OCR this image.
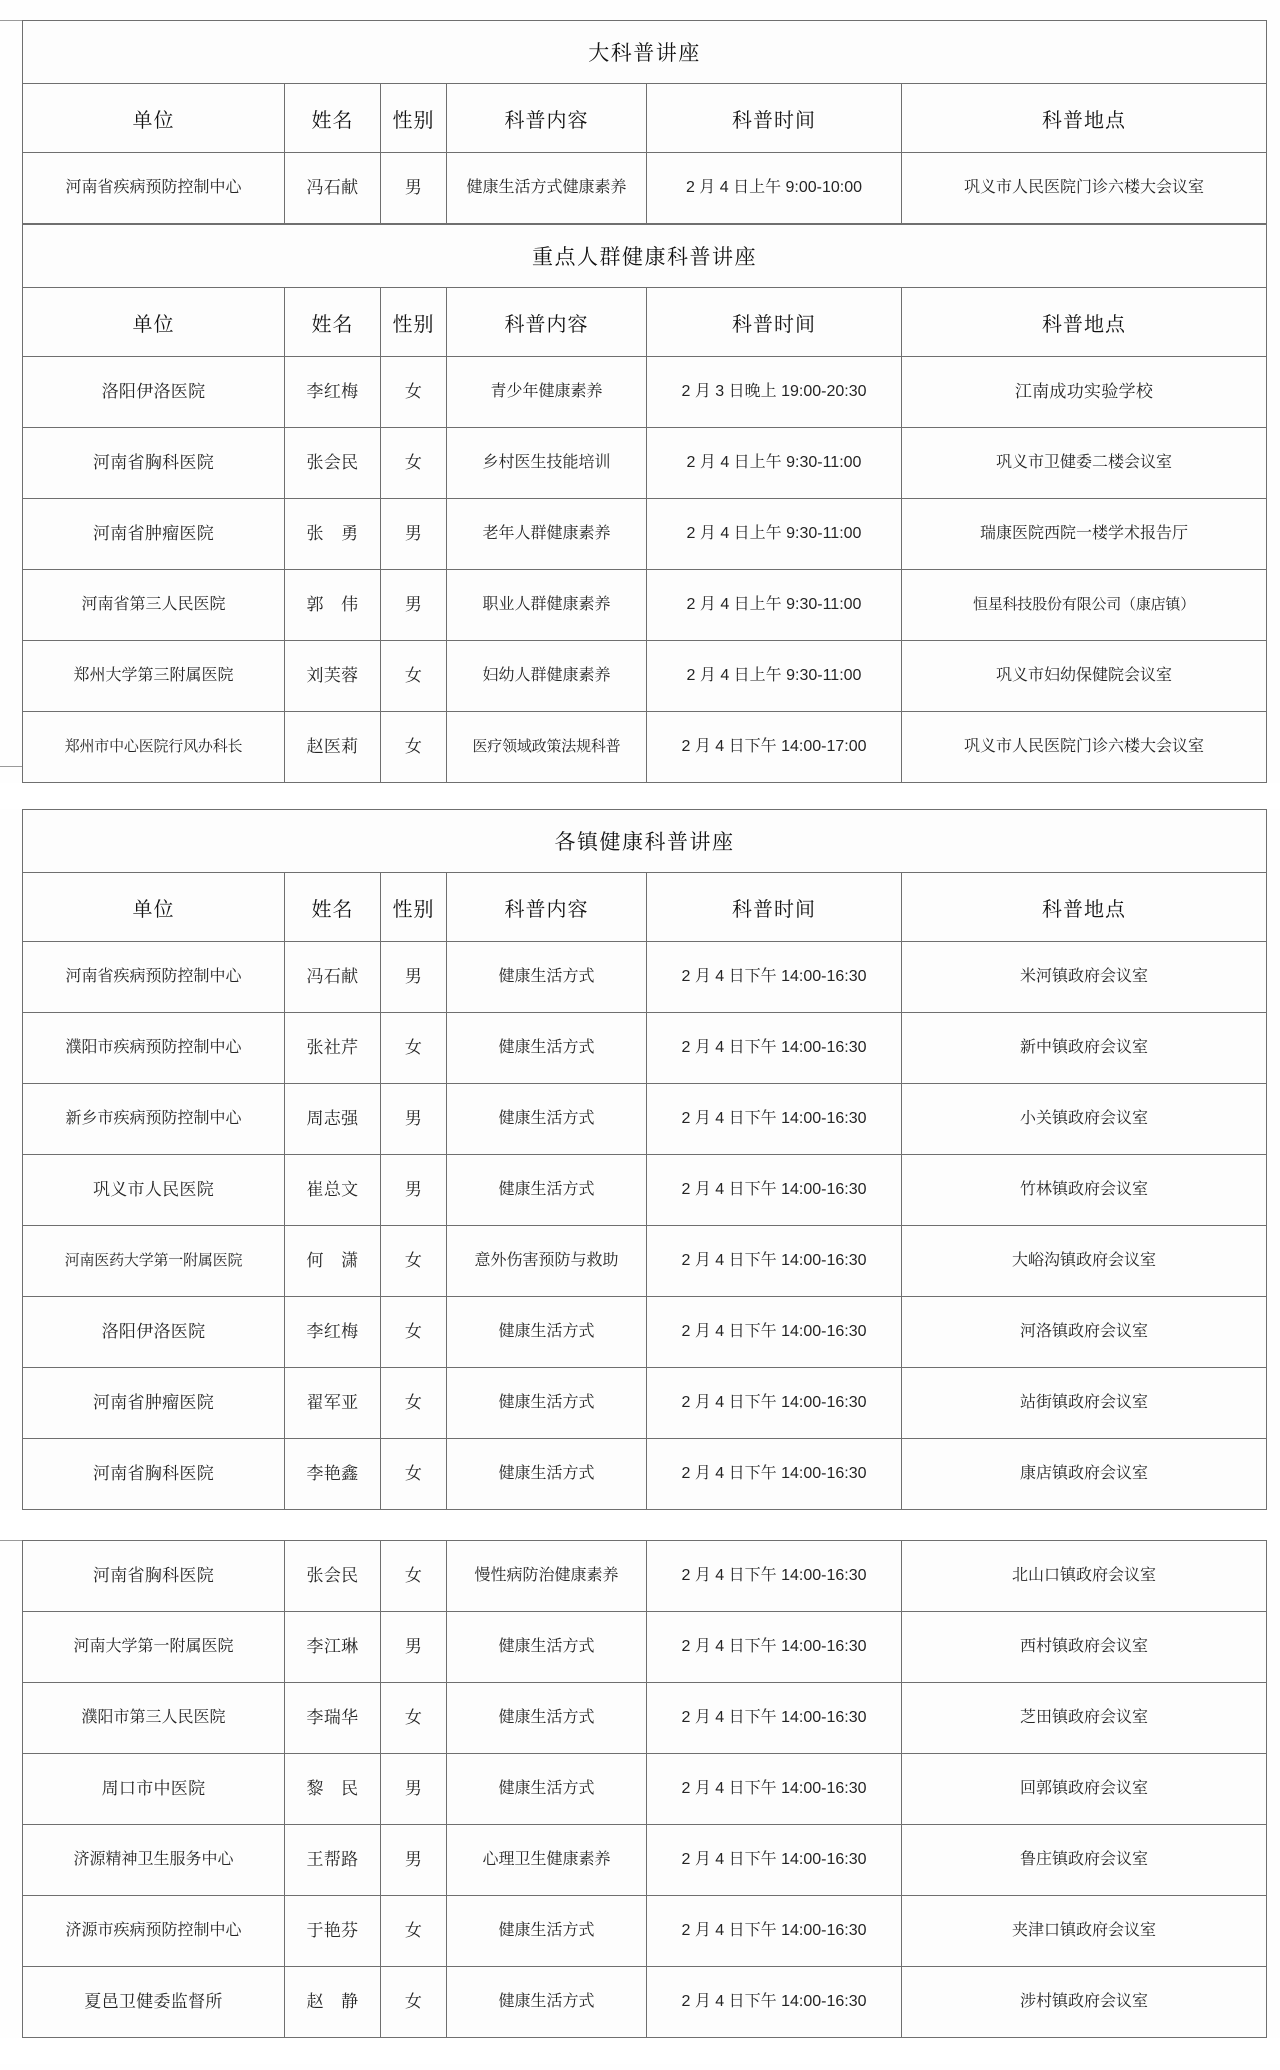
大科普讲座					
单位	姓名	性别	科普内容	科普时间	科普地点
河南省疾病预防控制中心	冯石献	男	健康生活方式健康素养	2 月 4 日上午 9:00-10:00	巩义市人民医院门诊六楼大会议室
重点人群健康科普讲座					
单位	姓名	性别	科普内容	科普时间	科普地点
洛阳伊洛医院	李红梅	女	青少年健康素养	2 月 3 日晚上 19:00-20:30	江南成功实验学校
河南省胸科医院	张会民	女	乡村医生技能培训	2 月 4 日上午 9:30-11:00	巩义市卫健委二楼会议室
河南省肿瘤医院	张　勇	男	老年人群健康素养	2 月 4 日上午 9:30-11:00	瑞康医院西院一楼学术报告厅
河南省第三人民医院	郭　伟	男	职业人群健康素养	2 月 4 日上午 9:30-11:00	恒星科技股份有限公司（康店镇）
郑州大学第三附属医院	刘芙蓉	女	妇幼人群健康素养	2 月 4 日上午 9:30-11:00	巩义市妇幼保健院会议室
郑州市中心医院行风办科长	赵医莉	女	医疗领域政策法规科普	2 月 4 日下午 14:00-17:00	巩义市人民医院门诊六楼大会议室
各镇健康科普讲座					
单位	姓名	性别	科普内容	科普时间	科普地点
河南省疾病预防控制中心	冯石献	男	健康生活方式	2 月 4 日下午 14:00-16:30	米河镇政府会议室
濮阳市疾病预防控制中心	张社芹	女	健康生活方式	2 月 4 日下午 14:00-16:30	新中镇政府会议室
新乡市疾病预防控制中心	周志强	男	健康生活方式	2 月 4 日下午 14:00-16:30	小关镇政府会议室
巩义市人民医院	崔总文	男	健康生活方式	2 月 4 日下午 14:00-16:30	竹林镇政府会议室
河南医药大学第一附属医院	何　潇	女	意外伤害预防与救助	2 月 4 日下午 14:00-16:30	大峪沟镇政府会议室
洛阳伊洛医院	李红梅	女	健康生活方式	2 月 4 日下午 14:00-16:30	河洛镇政府会议室
河南省肿瘤医院	翟军亚	女	健康生活方式	2 月 4 日下午 14:00-16:30	站街镇政府会议室
河南省胸科医院	李艳鑫	女	健康生活方式	2 月 4 日下午 14:00-16:30	康店镇政府会议室
河南省胸科医院	张会民	女	慢性病防治健康素养	2 月 4 日下午 14:00-16:30	北山口镇政府会议室
河南大学第一附属医院	李江琳	男	健康生活方式	2 月 4 日下午 14:00-16:30	西村镇政府会议室
濮阳市第三人民医院	李瑞华	女	健康生活方式	2 月 4 日下午 14:00-16:30	芝田镇政府会议室
周口市中医院	黎　民	男	健康生活方式	2 月 4 日下午 14:00-16:30	回郭镇政府会议室
济源精神卫生服务中心	王帮路	男	心理卫生健康素养	2 月 4 日下午 14:00-16:30	鲁庄镇政府会议室
济源市疾病预防控制中心	于艳芬	女	健康生活方式	2 月 4 日下午 14:00-16:30	夹津口镇政府会议室
夏邑卫健委监督所	赵　静	女	健康生活方式	2 月 4 日下午 14:00-16:30	涉村镇政府会议室
